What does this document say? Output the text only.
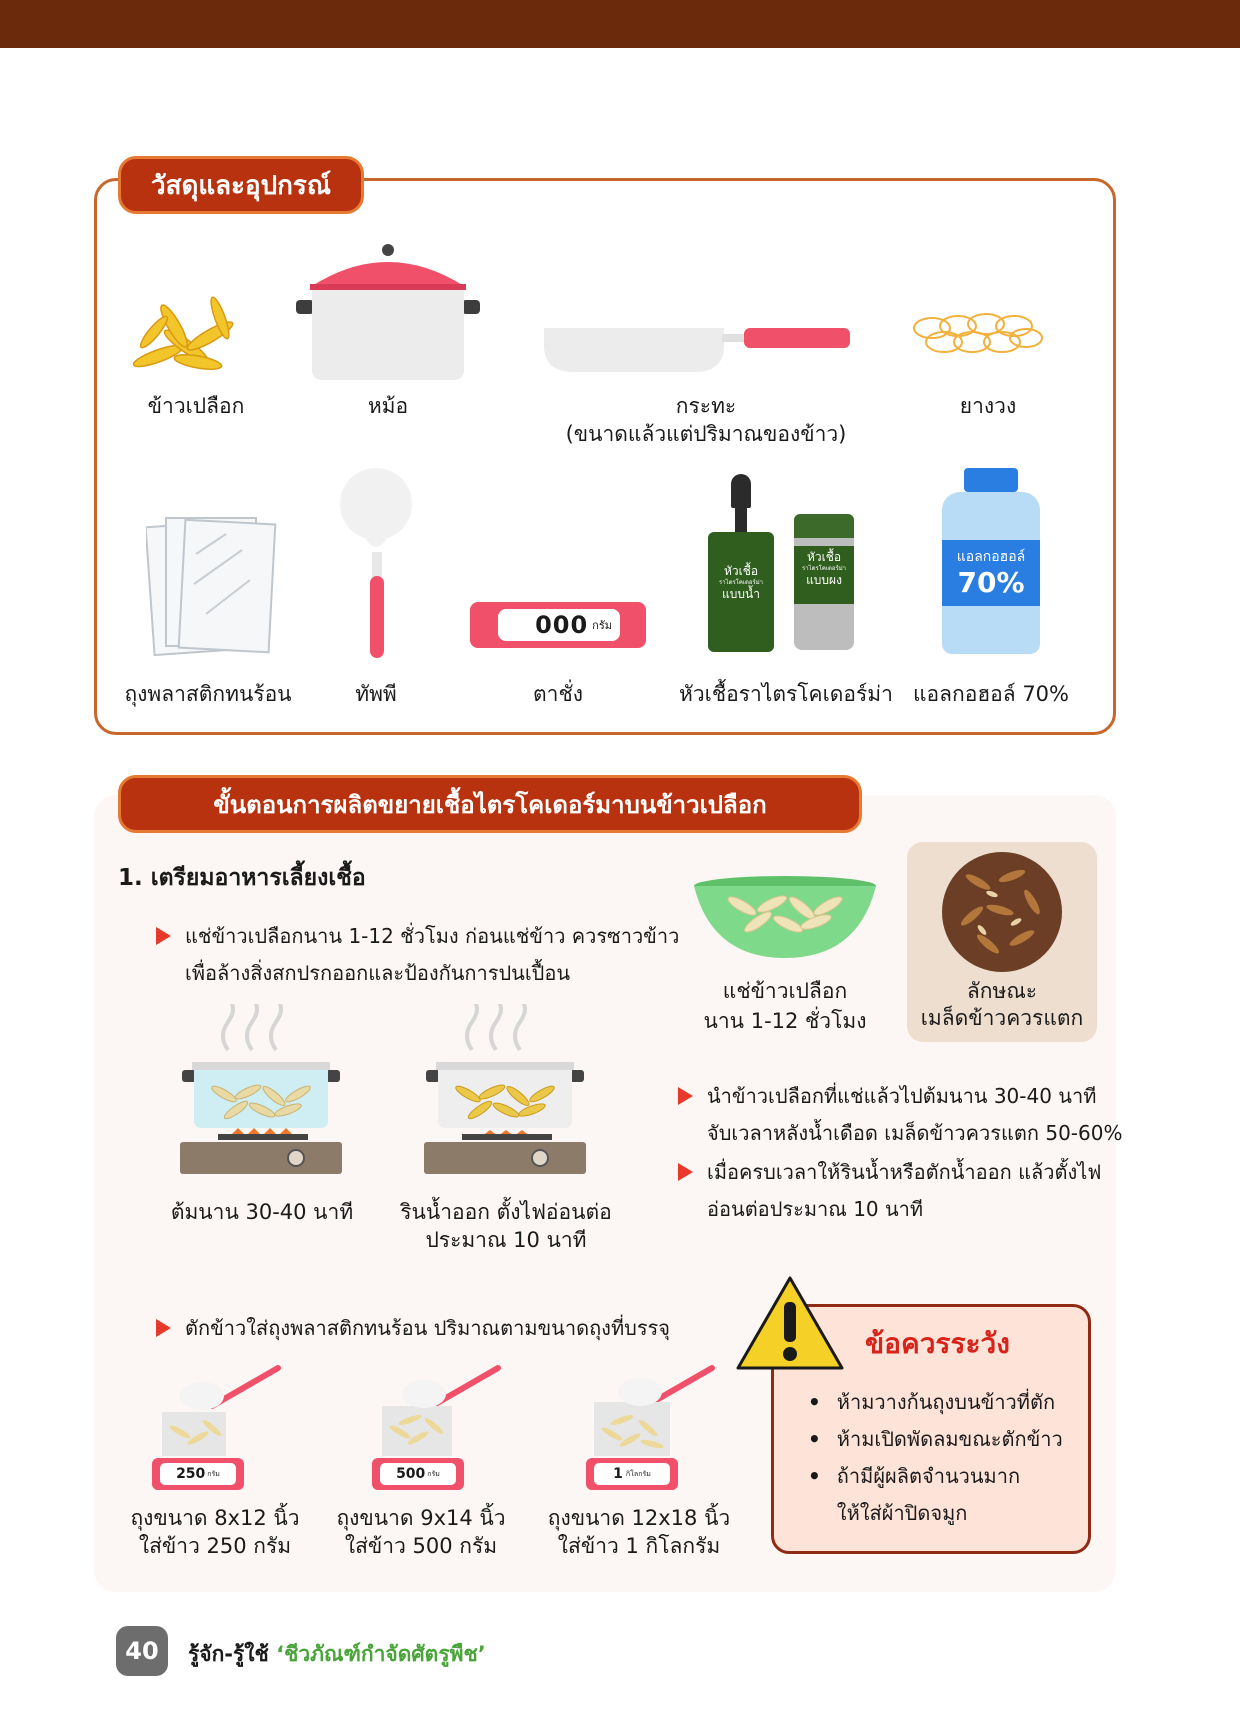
วัสดุและอุปกรณ์
ข้าวเปลือก	หม้อ	กระทะ
(ขนาดแล้วแต่ปริมาณของข้าว)
ยางวง
000 กรัม
หัวเชื้อ
ราไตรโคเดอร์ม่า
แบบน้ำ
หัวเชื้อ
ราไตรโคเดอร์ม่า
แบบผง
แอลกอฮอล์
70%
ถุงพลาสติกทนร้อน	ทัพพี	ตาชั่ง	หัวเชื้อราไตรโคเดอร์ม่า แอลกอฮอล์ 70%
ขั้นตอนการผลิตขยายเชื้อไตรโคเดอร์มาบนข้าวเปลือก
1. เตรียมอาหารเลี้ยงเชื้อ
แช่ข้าวเปลือกนาน 1-12 ชั่วโมง ก่อนแช่ข้าว ควรซาวข้าว
เพื่อล้างสิ่งสกปรกออกและป้องกันการปนเปื้อน
แช่ข้าวเปลือก
นาน 1-12 ชั่วโมง
ลักษณะ
เมล็ดข้าวควรแตก
ต้มนาน 30-40 นาที	รินน้ำออก ตั้งไฟอ่อนต่อ
ประมาณ 10 นาที
นำข้าวเปลือกที่แช่แล้วไปต้มนาน 30-40 นาที
จับเวลาหลังน้ำเดือด เมล็ดข้าวควรแตก 50-60%
เมื่อครบเวลาให้รินน้ำหรือตักน้ำออก แล้วตั้งไฟ
อ่อนต่อประมาณ 10 นาที
ตักข้าวใส่ถุงพลาสติกทนร้อน ปริมาณตามขนาดถุงที่บรรจุ
250 กรัม	500 กรัม	1 กิโลกรัม
ถุงขนาด 8x12 นิ้ว
ใส่ข้าว 250 กรัม
ถุงขนาด 9x14 นิ้ว
ใส่ข้าว 500 กรัม
ถุงขนาด 12x18 นิ้ว
ใส่ข้าว 1 กิโลกรัม
ข้อควรระวัง
• ห้ามวางก้นถุงบนข้าวที่ตัก
• ห้ามเปิดพัดลมขณะตักข้าว
• ถ้ามีผู้ผลิตจำนวนมาก
ให้ใส่ผ้าปิดจมูก
40	รู้จัก-รู้ใช้ ‘ชีวภัณฑ์กำจัดศัตรูพืช’
